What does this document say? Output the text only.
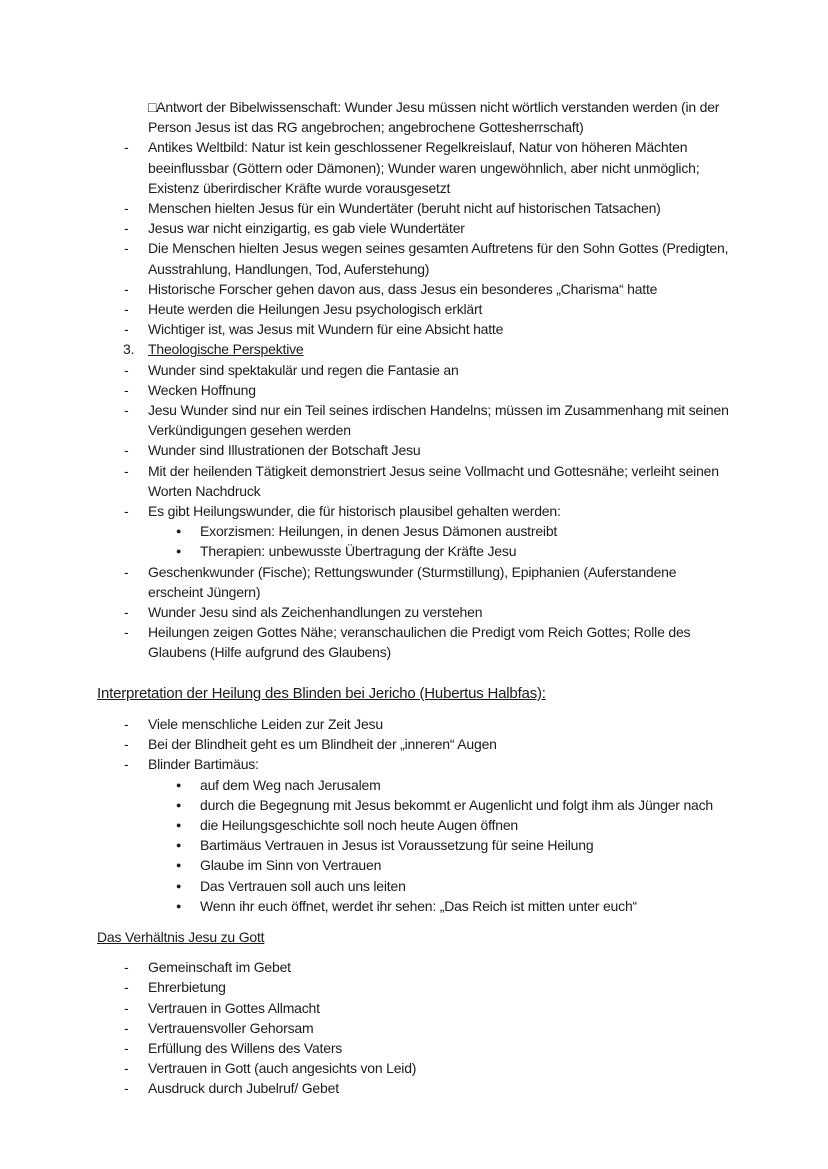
□Antwort der Bibelwissenschaft: Wunder Jesu müssen nicht wörtlich verstanden werden (in der Person Jesus ist das RG angebrochen; angebrochene Gottesherrschaft)
- Antikes Weltbild: Natur ist kein geschlossener Regelkreislauf, Natur von höheren Mächten beeinflussbar (Göttern oder Dämonen); Wunder waren ungewöhnlich, aber nicht unmöglich; Existenz überirdischer Kräfte wurde vorausgesetzt
- Menschen hielten Jesus für ein Wundertäter (beruht nicht auf historischen Tatsachen)
- Jesus war nicht einzigartig, es gab viele Wundertäter
- Die Menschen hielten Jesus wegen seines gesamten Auftretens für den Sohn Gottes (Predigten, Ausstrahlung, Handlungen, Tod, Auferstehung)
- Historische Forscher gehen davon aus, dass Jesus ein besonderes „Charisma“ hatte
- Heute werden die Heilungen Jesu psychologisch erklärt
- Wichtiger ist, was Jesus mit Wundern für eine Absicht hatte
3. Theologische Perspektive
- Wunder sind spektakulär und regen die Fantasie an
- Wecken Hoffnung
- Jesu Wunder sind nur ein Teil seines irdischen Handelns; müssen im Zusammenhang mit seinen Verkündigungen gesehen werden
- Wunder sind Illustrationen der Botschaft Jesu
- Mit der heilenden Tätigkeit demonstriert Jesus seine Vollmacht und Gottesnähe; verleiht seinen Worten Nachdruck
- Es gibt Heilungswunder, die für historisch plausibel gehalten werden:
● Exorzismen: Heilungen, in denen Jesus Dämonen austreibt
● Therapien: unbewusste Übertragung der Kräfte Jesu
- Geschenkwunder (Fische); Rettungswunder (Sturmstillung), Epiphanien (Auferstandene erscheint Jüngern)
- Wunder Jesu sind als Zeichenhandlungen zu verstehen
- Heilungen zeigen Gottes Nähe; veranschaulichen die Predigt vom Reich Gottes; Rolle des Glaubens (Hilfe aufgrund des Glaubens)
Interpretation der Heilung des Blinden bei Jericho (Hubertus Halbfas):
- Viele menschliche Leiden zur Zeit Jesu
- Bei der Blindheit geht es um Blindheit der „inneren“ Augen
- Blinder Bartimäus:
● auf dem Weg nach Jerusalem
● durch die Begegnung mit Jesus bekommt er Augenlicht und folgt ihm als Jünger nach
● die Heilungsgeschichte soll noch heute Augen öffnen
● Bartimäus Vertrauen in Jesus ist Voraussetzung für seine Heilung
● Glaube im Sinn von Vertrauen
● Das Vertrauen soll auch uns leiten
● Wenn ihr euch öffnet, werdet ihr sehen: „Das Reich ist mitten unter euch“
Das Verhältnis Jesu zu Gott
- Gemeinschaft im Gebet
- Ehrerbietung
- Vertrauen in Gottes Allmacht
- Vertrauensvoller Gehorsam
- Erfüllung des Willens des Vaters
- Vertrauen in Gott (auch angesichts von Leid)
- Ausdruck durch Jubelruf/ Gebet
